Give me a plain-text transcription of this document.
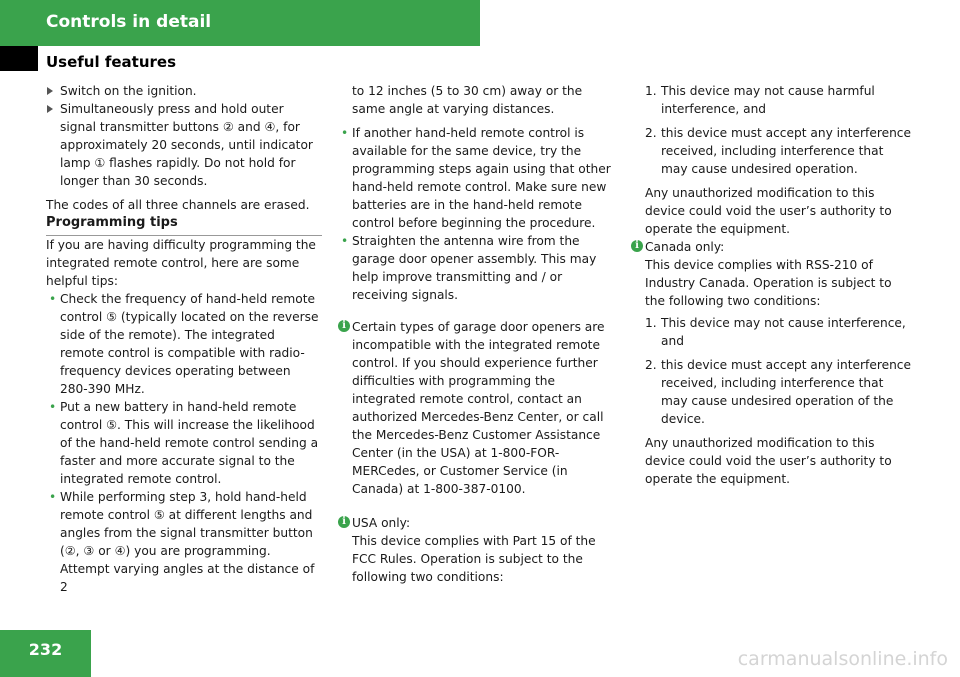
Controls in detail
Useful features

Switch on the ignition.

Simultaneously press and hold outer signal transmitter buttons ② and ④, for approximately 20 seconds, until indicator lamp ① flashes rapidly. Do not hold for longer than 30 seconds.

The codes of all three channels are erased.

Programming tips

If you are having difficulty programming the integrated remote control, here are some helpful tips:

• Check the frequency of hand-held remote control ⑤ (typically located on the reverse side of the remote). The integrated remote control is compatible with radio-frequency devices operating between 280-390 MHz.

• Put a new battery in hand-held remote control ⑤. This will increase the likelihood of the hand-held remote control sending a faster and more accurate signal to the integrated remote control.

• While performing step 3, hold hand-held remote control ⑤ at different lengths and angles from the signal transmitter button (②, ③ or ④) you are programming. Attempt varying angles at the distance of 2

to 12 inches (5 to 30 cm) away or the same angle at varying distances.

• If another hand-held remote control is available for the same device, try the programming steps again using that other hand-held remote control. Make sure new batteries are in the hand-held remote control before beginning the procedure.

• Straighten the antenna wire from the garage door opener assembly. This may help improve transmitting and / or receiving signals.

i Certain types of garage door openers are incompatible with the integrated remote control. If you should experience further difficulties with programming the integrated remote control, contact an authorized Mercedes-Benz Center, or call the Mercedes-Benz Customer Assistance Center (in the USA) at 1-800-FOR-MERCedes, or Customer Service (in Canada) at 1-800-387-0100.

i USA only:

This device complies with Part 15 of the FCC Rules. Operation is subject to the following two conditions:

1. This device may not cause harmful interference, and

2. this device must accept any interference received, including interference that may cause undesired operation.

Any unauthorized modification to this device could void the user’s authority to operate the equipment.

i Canada only:

This device complies with RSS-210 of Industry Canada. Operation is subject to the following two conditions:

1. This device may not cause interference, and

2. this device must accept any interference received, including interference that may cause undesired operation of the device.

Any unauthorized modification to this device could void the user’s authority to operate the equipment.

232	carmanualsonline.info
